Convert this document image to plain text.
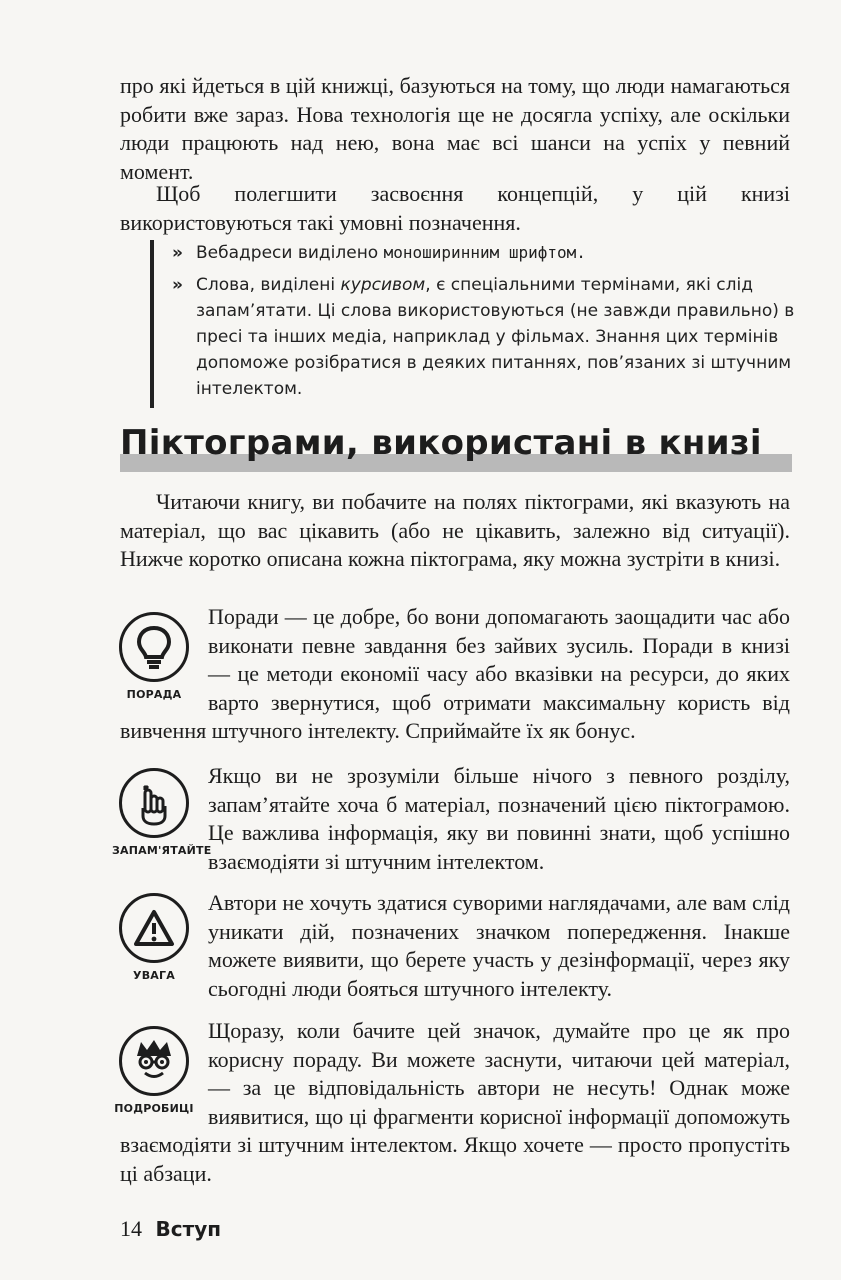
про які йдеться в цій книжці, базуються на тому, що люди намагаються робити вже зараз. Нова технологія ще не досягла успіху, але оскільки люди працюють над нею, вона має всі шанси на успіх у певний момент.

Щоб полегшити засвоєння концепцій, у цій книзі використовуються такі умовні позначення.

» Вебадреси виділено моноширинним шрифтом.
» Слова, виділені курсивом, є спеціальними термінами, які слід запам’ятати. Ці слова використовуються (не завжди правильно) в пресі та інших медіа, наприклад у фільмах. Знання цих термінів допоможе розібратися в деяких питаннях, пов’язаних зі штучним інтелектом.
Піктограми, використані в книзі

Читаючи книгу, ви побачите на полях піктограми, які вказують на матеріал, що вас цікавить (або не цікавить, залежно від ситуації). Нижче коротко описана кожна піктограма, яку можна зустріти в книзі.

ПОРАДА

Поради — це добре, бо вони допомагають заощадити час або виконати певне завдання без зайвих зусиль. Поради в книзі — це методи економії часу або вказівки на ресурси, до яких варто звернутися, щоб отримати максимальну користь від вивчення штучного інтелекту. Сприймайте їх як бонус.

ЗАПАМ'ЯТАЙТЕ

Якщо ви не зрозуміли більше нічого з певного розділу, запам’ятайте хоча б матеріал, позначений цією піктограмою. Це важлива інформація, яку ви повинні знати, щоб успішно взаємодіяти зі штучним інтелектом.

УВАГА

Автори не хочуть здатися суворими наглядачами, але вам слід уникати дій, позначених значком попередження. Інакше можете виявити, що берете участь у дезінформації, через яку сьогодні люди бояться штучного інтелекту.

ПОДРОБИЦІ

Щоразу, коли бачите цей значок, думайте про це як про корисну пораду. Ви можете заснути, читаючи цей матеріал, — за це відповідальність автори не несуть! Однак може виявитися, що ці фрагменти корисної інформації допоможуть взаємодіяти зі штучним інтелектом. Якщо хочете — просто пропустіть ці абзаци.

14 Вступ
